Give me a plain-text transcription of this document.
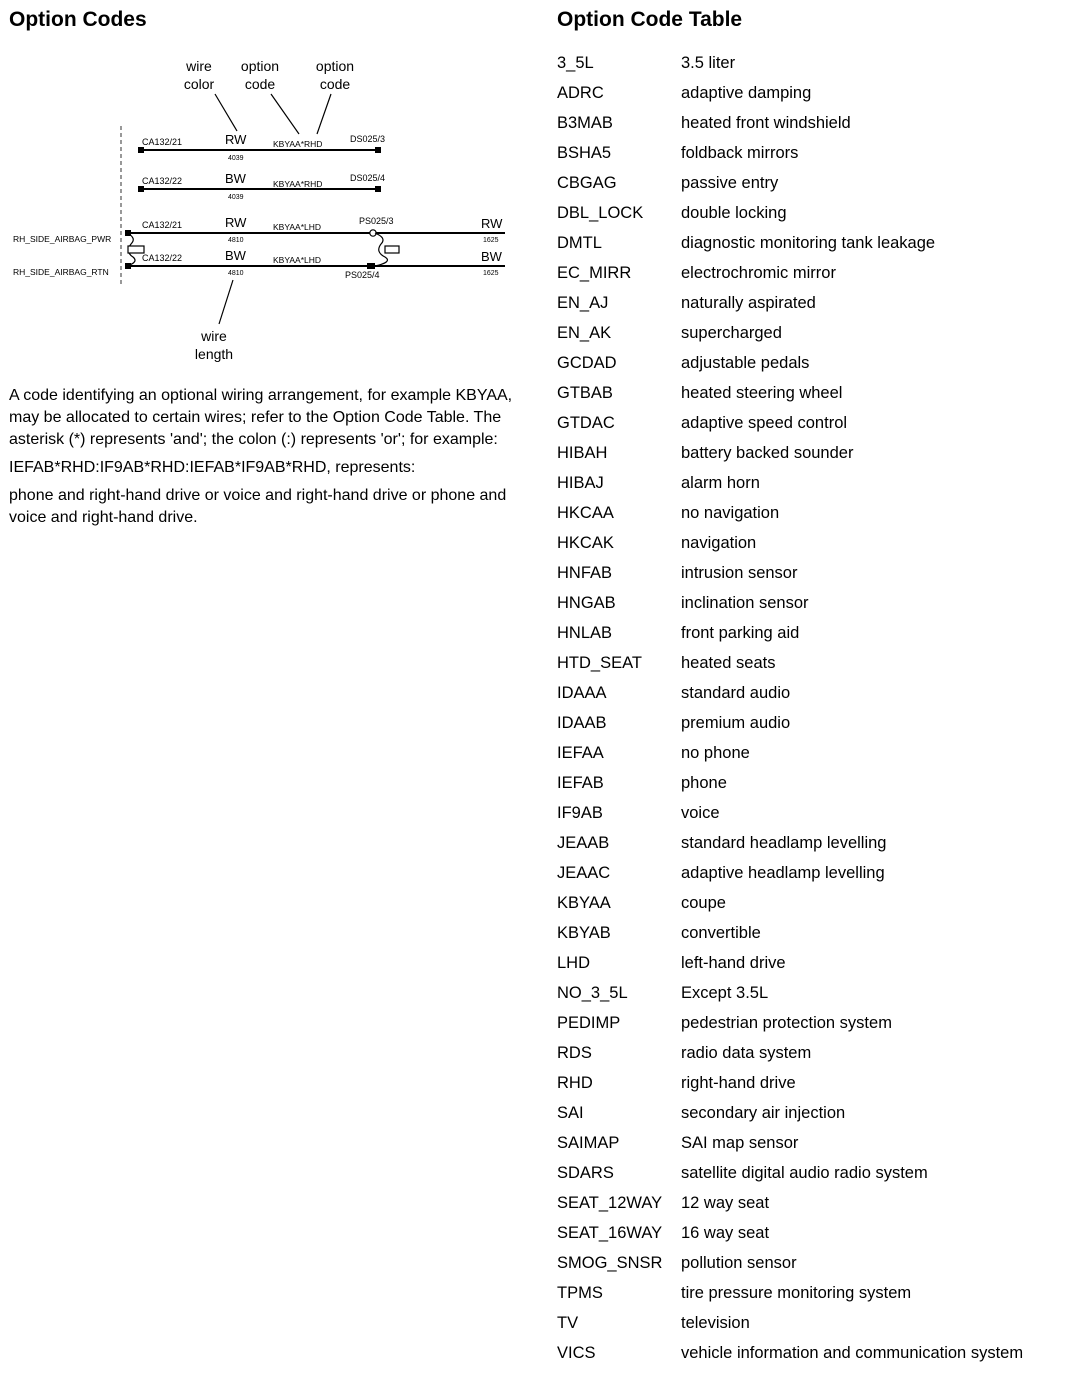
Option Codes
wire
color
option
code
option
code
wire
length
CA132/21	RW
4039
KBYAA*RHD	DS025/3
CA132/22	BW
4039
KBYAA*RHD
DS025/4
CA132/21	RW
4810
KBYAA*LHD
PS025/3	RW
1625
CA132/22	BW
4810
KBYAA*LHD
PS025/4
BW
1625
RH_SIDE_AIRBAG_PWR
RH_SIDE_AIRBAG_RTN

A code identifying an optional wiring arrangement, for example KBYAA, may be allocated to certain wires; refer to the Option Code Table. The asterisk (*) represents 'and'; the colon (:) represents 'or'; for example:

IEFAB*RHD:IF9AB*RHD:IEFAB*IF9AB*RHD, represents:

phone and right-hand drive or voice and right-hand drive or phone and voice and right-hand drive.

Option Code Table
3_5L	3.5 liter
ADRC	adaptive damping
B3MAB	heated front windshield
BSHA5	foldback mirrors
CBGAG	passive entry
DBL_LOCK	double locking
DMTL	diagnostic monitoring tank leakage
EC_MIRR	electrochromic mirror
EN_AJ	naturally aspirated
EN_AK	supercharged
GCDAD	adjustable pedals
GTBAB	heated steering wheel
GTDAC	adaptive speed control
HIBAH	battery backed sounder
HIBAJ	alarm horn
HKCAA	no navigation
HKCAK	navigation
HNFAB	intrusion sensor
HNGAB	inclination sensor
HNLAB	front parking aid
HTD_SEAT	heated seats
IDAAA	standard audio
IDAAB	premium audio
IEFAA	no phone
IEFAB	phone
IF9AB	voice
JEAAB	standard headlamp levelling
JEAAC	adaptive headlamp levelling
KBYAA	coupe
KBYAB	convertible
LHD	left-hand drive
NO_3_5L	Except 3.5L
PEDIMP	pedestrian protection system
RDS	radio data system
RHD	right-hand drive
SAI	secondary air injection
SAIMAP	SAI map sensor
SDARS	satellite digital audio radio system
SEAT_12WAY	12 way seat
SEAT_16WAY	16 way seat
SMOG_SNSR	pollution sensor
TPMS	tire pressure monitoring system
TV	television
VICS	vehicle information and communication system
